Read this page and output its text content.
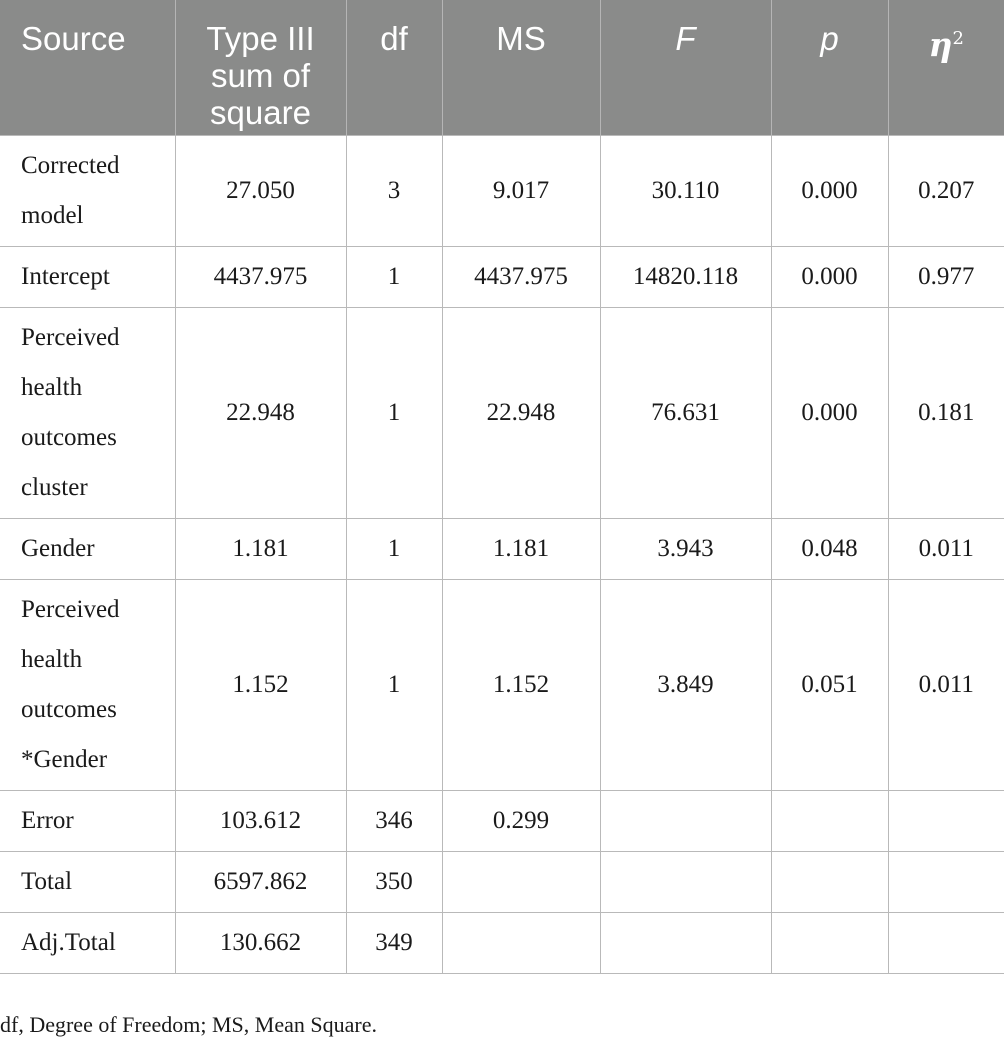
Source	Type III sum of square	df	MS	F	p	$\eta^2$
Corrected model	27.050	3	9.017	30.110	0.000	0.207
Intercept	4437.975	1	4437.975	14820.118	0.000	0.977
Perceived health outcomes cluster	22.948	1	22.948	76.631	0.000	0.181
Gender	1.181	1	1.181	3.943	0.048	0.011
Perceived health outcomes *Gender	1.152	1	1.152	3.849	0.051	0.011
Error	103.612	346	0.299			
Total	6597.862	350				
Adj.Total	130.662	349				
df, Degree of Freedom; MS, Mean Square.
